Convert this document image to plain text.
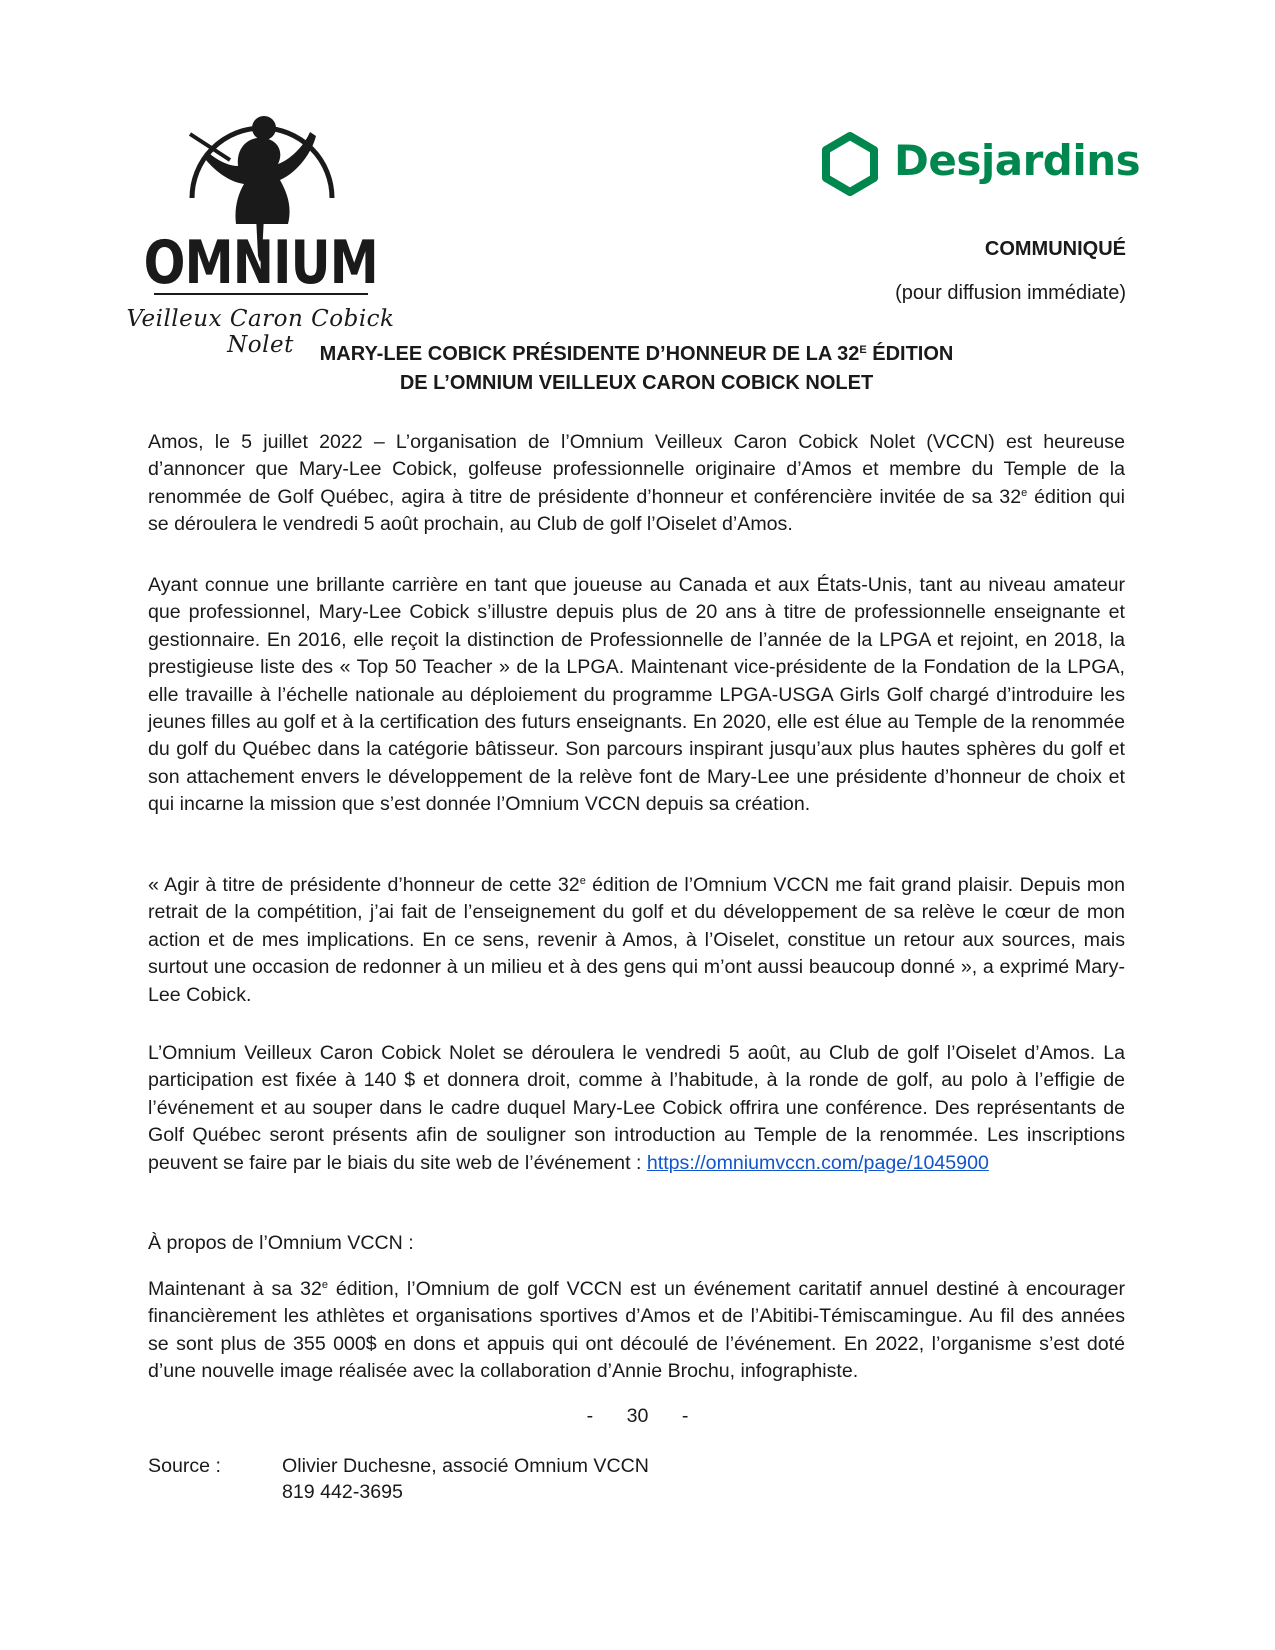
OMNIUM
Veilleux Caron Cobick Nolet
Desjardins
COMMUNIQUÉ
(pour diffusion immédiate)
MARY-LEE COBICK PRÉSIDENTE D’HONNEUR DE LA $32^E$ ÉDITION
DE L’OMNIUM VEILLEUX CARON COBICK NOLET

Amos, le 5 juillet 2022 – L’organisation de l’Omnium Veilleux Caron Cobick Nolet (VCCN) est heureuse d’annoncer que Mary-Lee Cobick, golfeuse professionnelle originaire d’Amos et membre du Temple de la renommée de Golf Québec, agira à titre de présidente d’honneur et conférencière invitée de sa 32e édition qui se déroulera le vendredi 5 août prochain, au Club de golf l’Oiselet d’Amos.

Ayant connue une brillante carrière en tant que joueuse au Canada et aux États-Unis, tant au niveau amateur que professionnel, Mary-Lee Cobick s’illustre depuis plus de 20 ans à titre de professionnelle enseignante et gestionnaire. En 2016, elle reçoit la distinction de Professionnelle de l’année de la LPGA et rejoint, en 2018, la prestigieuse liste des « Top 50 Teacher » de la LPGA. Maintenant vice-présidente de la Fondation de la LPGA, elle travaille à l’échelle nationale au déploiement du programme LPGA-USGA Girls Golf chargé d’introduire les jeunes filles au golf et à la certification des futurs enseignants. En 2020, elle est élue au Temple de la renommée du golf du Québec dans la catégorie bâtisseur. Son parcours inspirant jusqu’aux plus hautes sphères du golf et son attachement envers le développement de la relève font de Mary-Lee une présidente d’honneur de choix et qui incarne la mission que s’est donnée l’Omnium VCCN depuis sa création.

« Agir à titre de présidente d’honneur de cette 32e édition de l’Omnium VCCN me fait grand plaisir. Depuis mon retrait de la compétition, j’ai fait de l’enseignement du golf et du développement de sa relève le cœur de mon action et de mes implications. En ce sens, revenir à Amos, à l’Oiselet, constitue un retour aux sources, mais surtout une occasion de redonner à un milieu et à des gens qui m’ont aussi beaucoup donné », a exprimé Mary-Lee Cobick.

L’Omnium Veilleux Caron Cobick Nolet se déroulera le vendredi 5 août, au Club de golf l’Oiselet d’Amos. La participation est fixée à 140 $ et donnera droit, comme à l’habitude, à la ronde de golf, au polo à l’effigie de l’événement et au souper dans le cadre duquel Mary-Lee Cobick offrira une conférence. Des représentants de Golf Québec seront présents afin de souligner son introduction au Temple de la renommée. Les inscriptions peuvent se faire par le biais du site web de l’événement : https://omniumvccn.com/page/1045900

À propos de l’Omnium VCCN :

Maintenant à sa 32e édition, l’Omnium de golf VCCN est un événement caritatif annuel destiné à encourager financièrement les athlètes et organisations sportives d’Amos et de l’Abitibi-Témiscamingue. Au fil des années se sont plus de 355 000$ en dons et appuis qui ont découlé de l’événement. En 2022, l’organisme s’est doté d’une nouvelle image réalisée avec la collaboration d’Annie Brochu, infographiste.

- 30 -
Source :	Olivier Duchesne, associé Omnium VCCN
819 442-3695
